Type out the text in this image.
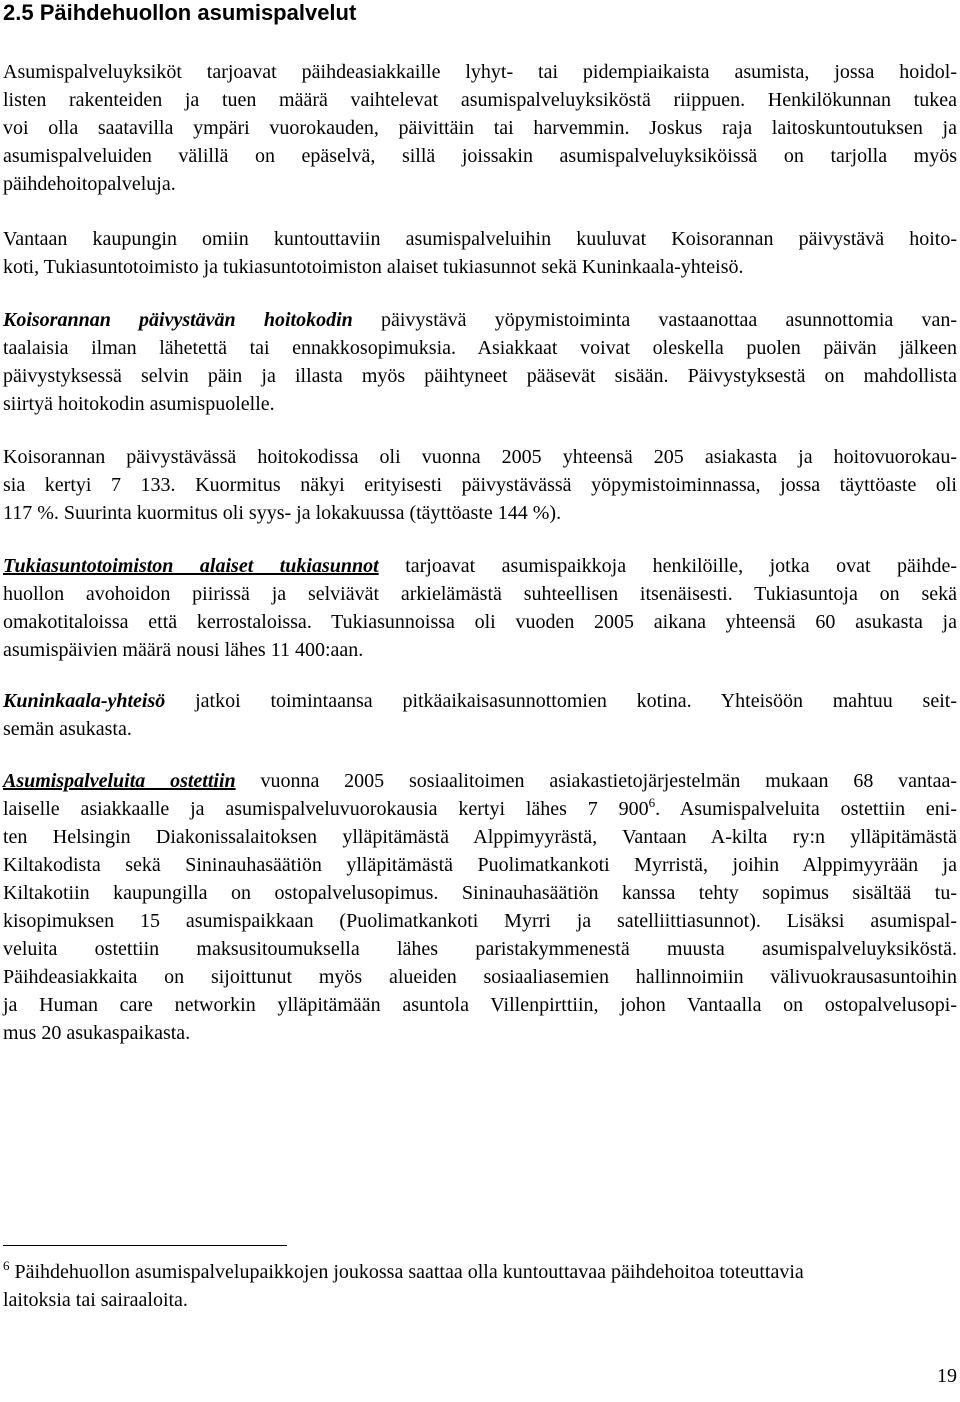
2.5 Päihdehuollon asumispalvelut
Asumispalveluyksiköt tarjoavat päihdeasiakkaille lyhyt- tai pidempiaikaista asumista, jossa hoidol-
listen rakenteiden ja tuen määrä vaihtelevat asumispalveluyksiköstä riippuen. Henkilökunnan tukea
voi olla saatavilla ympäri vuorokauden, päivittäin tai harvemmin. Joskus raja laitoskuntoutuksen ja
asumispalveluiden välillä on epäselvä, sillä joissakin asumispalveluyksiköissä on tarjolla myös
päihdehoitopalveluja.
Vantaan kaupungin omiin kuntouttaviin asumispalveluihin kuuluvat Koisorannan päivystävä hoito-
koti, Tukiasuntotoimisto ja tukiasuntotoimiston alaiset tukiasunnot sekä Kuninkaala-yhteisö.
Koisorannan päivystävän hoitokodin päivystävä yöpymistoiminta vastaanottaa asunnottomia van-
taalaisia ilman lähetettä tai ennakkosopimuksia. Asiakkaat voivat oleskella puolen päivän jälkeen
päivystyksessä selvin päin ja illasta myös päihtyneet pääsevät sisään. Päivystyksestä on mahdollista
siirtyä hoitokodin asumispuolelle.
Koisorannan päivystävässä hoitokodissa oli vuonna 2005 yhteensä 205 asiakasta ja hoitovuorokau-
sia kertyi 7 133. Kuormitus näkyi erityisesti päivystävässä yöpymistoiminnassa, jossa täyttöaste oli
117 %. Suurinta kuormitus oli syys- ja lokakuussa (täyttöaste 144 %).
Tukiasuntotoimiston alaiset tukiasunnot tarjoavat asumispaikkoja henkilöille, jotka ovat päihde-
huollon avohoidon piirissä ja selviävät arkielämästä suhteellisen itsenäisesti. Tukiasuntoja on sekä
omakotitaloissa että kerrostaloissa. Tukiasunnoissa oli vuoden 2005 aikana yhteensä 60 asukasta ja
asumispäivien määrä nousi lähes 11 400:aan.
Kuninkaala-yhteisö jatkoi toimintaansa pitkäaikaisasunnottomien kotina. Yhteisöön mahtuu seit-
semän asukasta.
Asumispalveluita ostettiin vuonna 2005 sosiaalitoimen asiakastietojärjestelmän mukaan 68 vantaa-
laiselle asiakkaalle ja asumispalveluvuorokausia kertyi lähes 7 $900^6$. Asumispalveluita ostettiin eni-
ten Helsingin Diakonissalaitoksen ylläpitämästä Alppimyyrästä, Vantaan A-kilta ry:n ylläpitämästä
Kiltakodista sekä Sininauhasäätiön ylläpitämästä Puolimatkankoti Myrristä, joihin Alppimyyrään ja
Kiltakotiin kaupungilla on ostopalvelusopimus. Sininauhasäätiön kanssa tehty sopimus sisältää tu-
kisopimuksen 15 asumispaikkaan (Puolimatkankoti Myrri ja satelliittiasunnot). Lisäksi asumispal-
veluita ostettiin maksusitoumuksella lähes paristakymmenestä muusta asumispalveluyksiköstä.
Päihdeasiakkaita on sijoittunut myös alueiden sosiaaliasemien hallinnoimiin välivuokrausasuntoihin
ja Human care networkin ylläpitämään asuntola Villenpirttiin, johon Vantaalla on ostopalvelusopi-
mus 20 asukaspaikasta.
$^6$ Päihdehuollon asumispalvelupaikkojen joukossa saattaa olla kuntouttavaa päihdehoitoa toteuttavia
laitoksia tai sairaaloita.
19
